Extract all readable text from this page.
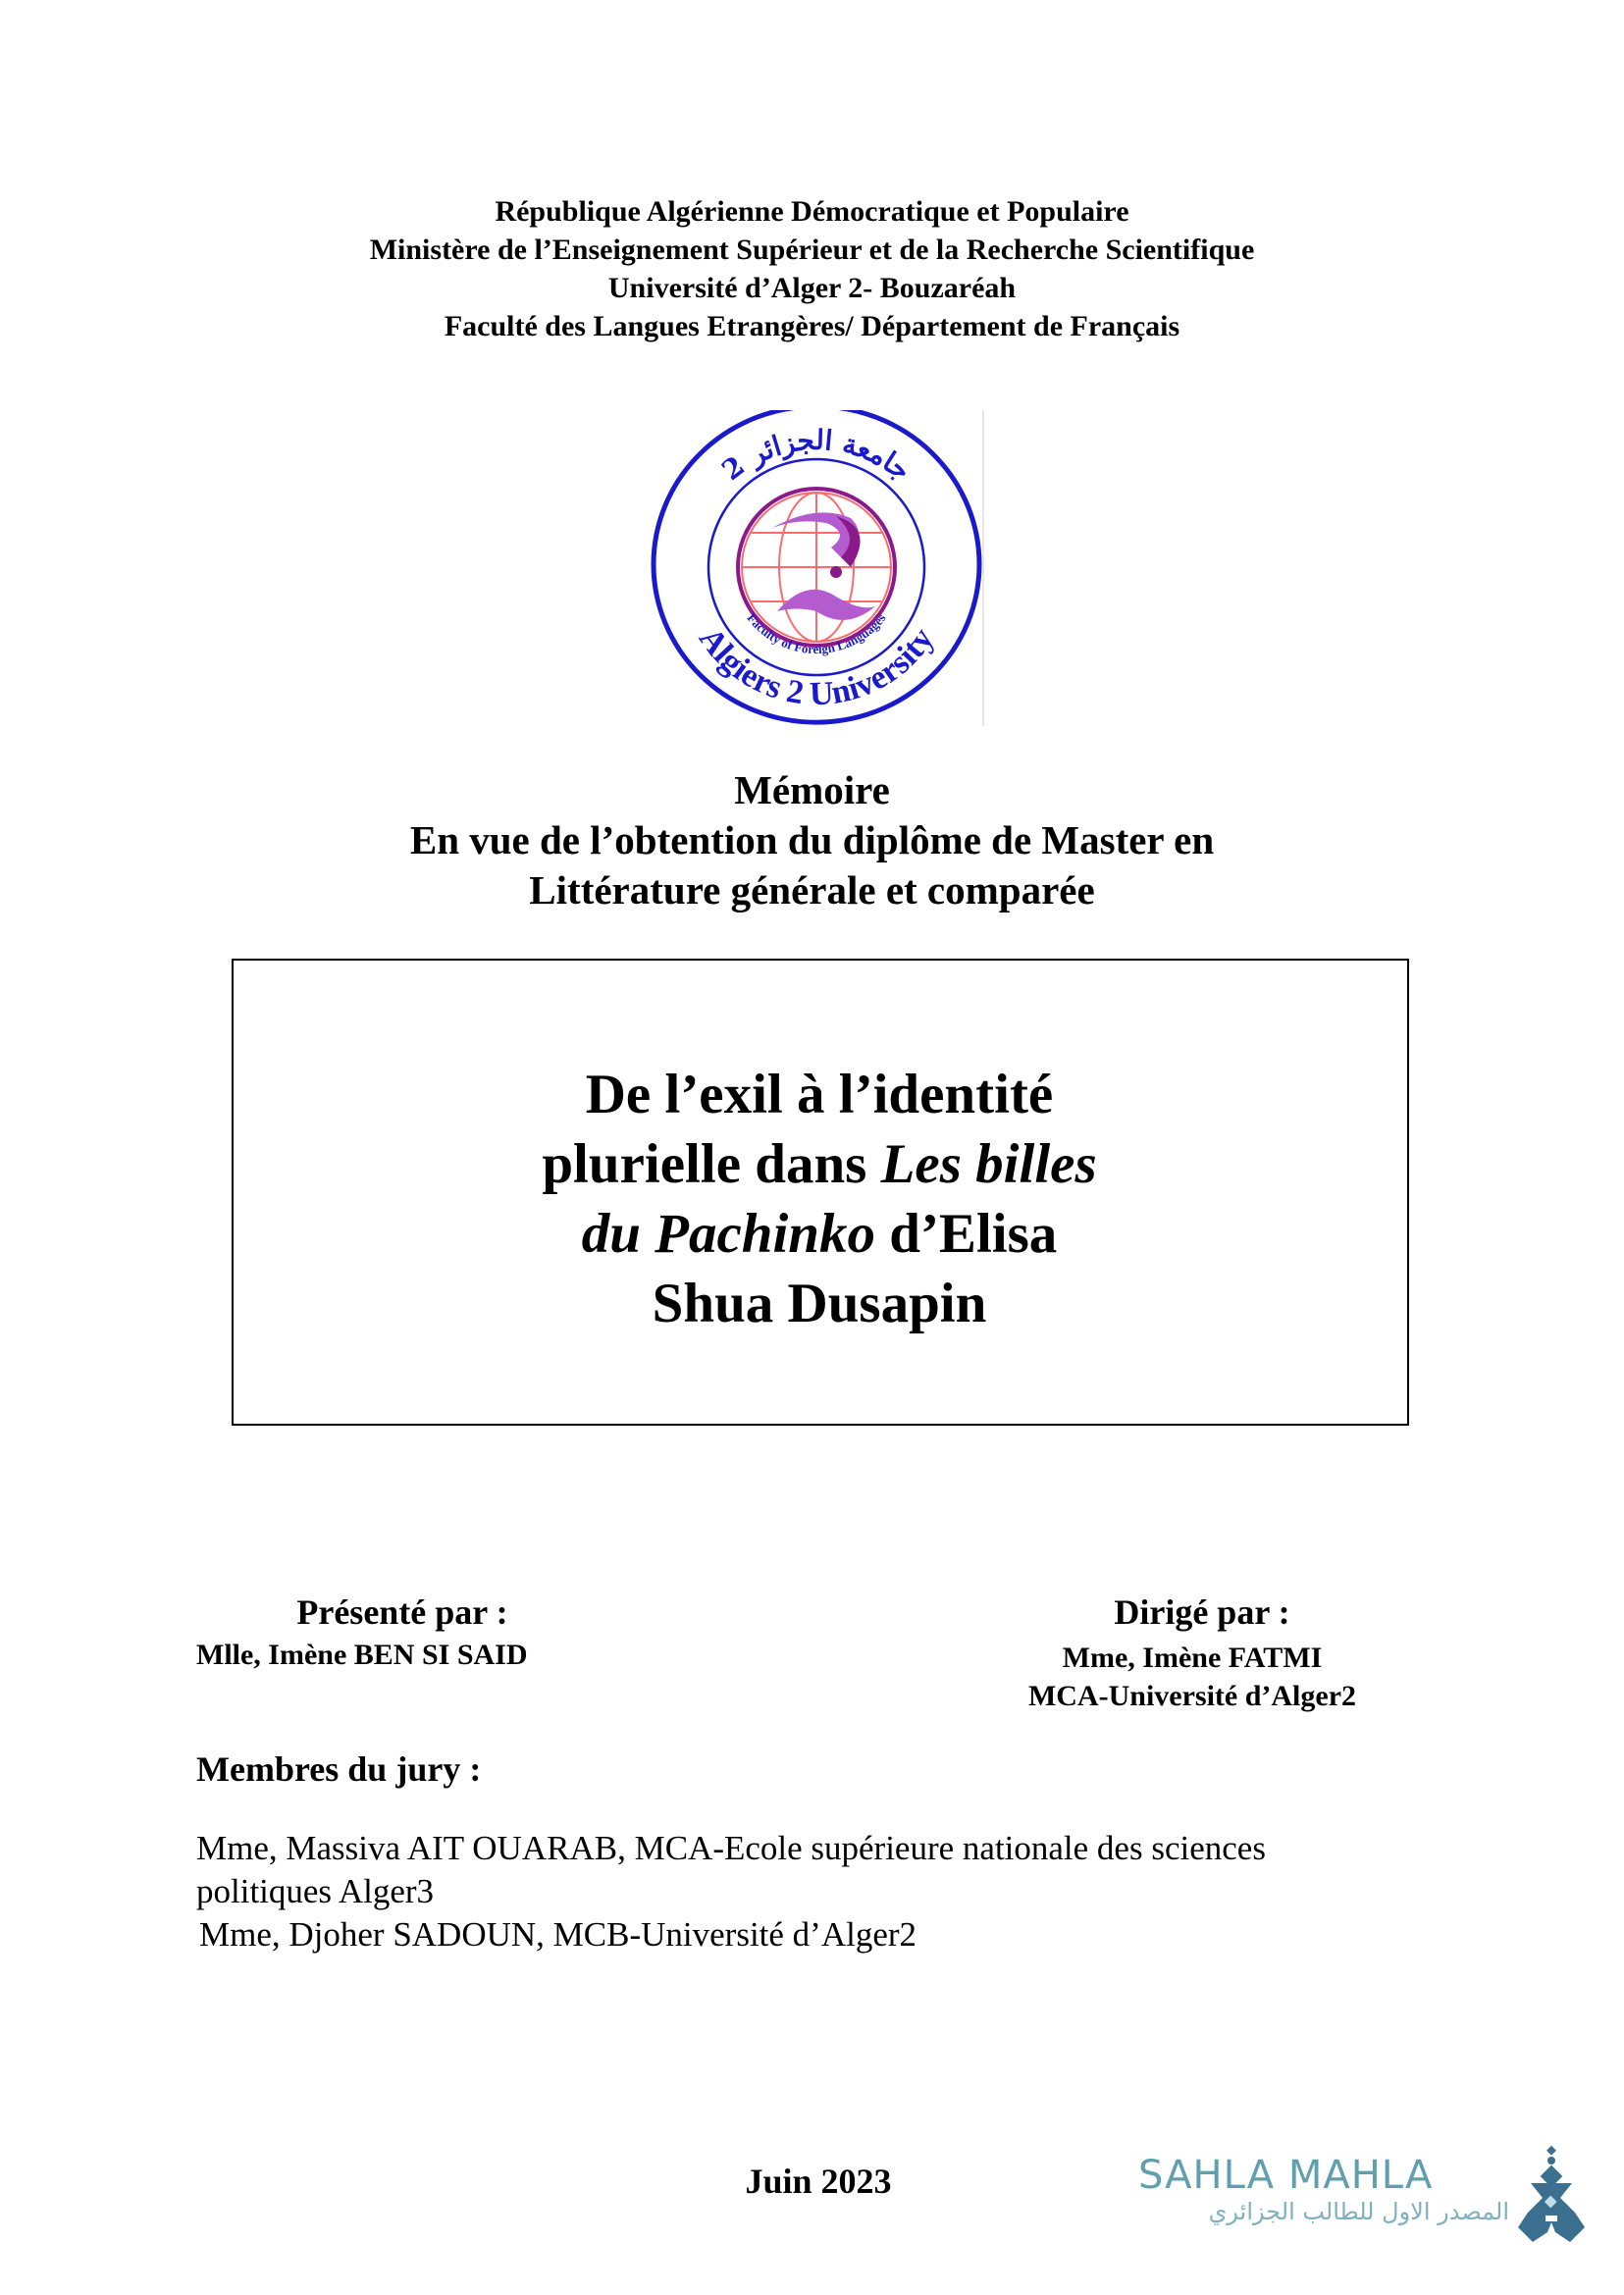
République Algérienne Démocratique et Populaire
Ministère de l’Enseignement Supérieur et de la Recherche Scientifique
Université d’Alger 2- Bouzaréah
Faculté des Langues Etrangères/ Département de Français
جامعة الجزائر 2
Algiers 2 University
Faculty of Foreign Languages
Mémoire
En vue de l’obtention du diplôme de Master en
Littérature générale et comparée
De l’exil à l’identité
plurielle dans Les billes
du Pachinko d’Elisa
Shua Dusapin
Présenté par :
Mlle, Imène BEN SI SAID
Dirigé par :
Mme, Imène FATMI
MCA-Université d’Alger2
Membres du jury :
Mme, Massiva AIT OUARAB, MCA-Ecole supérieure nationale des sciences
politiques Alger3
Mme, Djoher SADOUN, MCB-Université d’Alger2
Juin 2023	SAHLA MAHLA
المصدر الاول للطالب الجزائري
